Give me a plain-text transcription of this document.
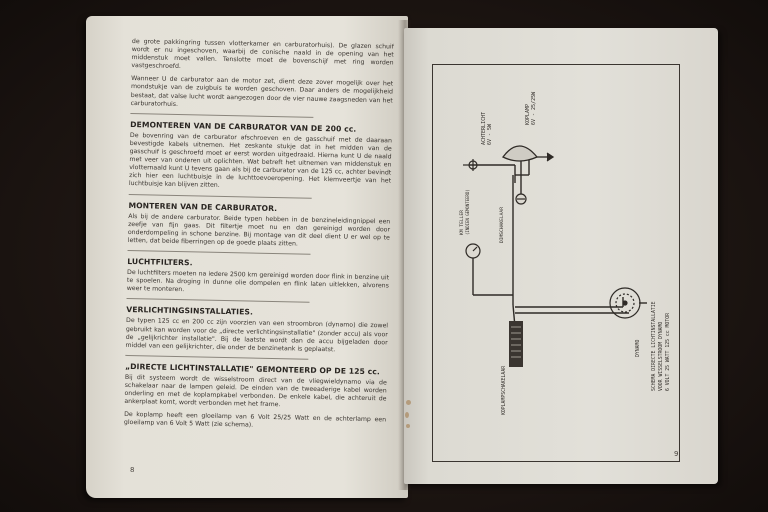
de grote pakkingring tussen vlotterkamer en carburatorhuis). De glazen schuif wordt er nu ingeschoven, waarbij de conische naald in de opening van het middenstuk moet vallen. Tenslotte moet de bovenschijf met ring worden vastgeschroefd.

Wanneer U de carburator aan de motor zet, dient deze zover mogelijk over het mondstukje van de zuigbuis te worden geschoven. Daar anders de mogelijkheid bestaat, dat valse lucht wordt aangezogen door de vier nauwe zaagsneden van het carburatorhuis.

DEMONTEREN VAN DE CARBURATOR VAN DE 200 cc.

De bovenring van de carburator afschroeven en de gasschuif met de daaraan bevestigde kabels uitnemen. Het zeskante stukje dat in het midden van de gasschuif is geschroefd moet er eerst worden uitgedraaid. Hierna kunt U de naald met veer van onderen uit oplichten. Wat betreft het uitnemen van middenstuk en vlotternaald kunt U tevens gaan als bij de carburator van de 125 cc, achter bevindt zich hier een luchtbuisje in de luchttoevoeropening. Het klemveertje van het luchtbuisje kan blijven zitten.

MONTEREN VAN DE CARBURATOR.

Als bij de andere carburator. Beide typen hebben in de benzineleidingnippel een zeefje van fijn gaas. Dit filtertje moet nu en dan gereinigd worden door onderdompeling in schone benzine. Bij montage van dit deel dient U er wel op te letten, dat beide fiberringen op de goede plaats zitten.

LUCHTFILTERS.

De luchtfilters moeten na iedere 2500 km gereinigd worden door flink in benzine uit te spoelen. Na droging in dunne olie dompelen en flink laten uitlekken, alvorens weer te monteren.

VERLICHTINGSINSTALLATIES.

De typen 125 cc en 200 cc zijn voorzien van een stroombron (dynamo) die zowel gebruikt kan worden voor de „directe verlichtingsinstallatie" (zonder accu) als voor de „gelijkrichter installatie". Bij de laatste wordt dan de accu bijgeladen door middel van een gelijkrichter, die onder de benzinetank is geplaatst.

„DIRECTE LICHTINSTALLATIE" GEMONTEERD OP DE 125 cc.

Bij dit systeem wordt de wisselstroom direct van de vliegwieldynamo via de schakelaar naar de lampen geleid. De einden van de tweeaderige kabel worden onderling en met de koplampkabel verbonden. De enkele kabel, die achteruit de ankerplaat komt, wordt verbonden met het frame.

De koplamp heeft een gloeilamp van 6 Volt 25/25 Watt en de achterlamp een gloeilamp van 6 Volt 5 Watt (zie schema).

8
ACHTERLICHT 6V - 5W
KOPLAMP 6V - 25/25W
KM TELLER (INDIEN GEMONTEERD)	DIMSCHAKELAAR
KOPLAMPSCHAKELAAR
DYNAMO SCHEMA DIRECTE LICHTINSTALLATIE VOOR WISSELSTROOM DYNAMO 6 VOLT 25 WATT 125 cc MOTOR
9
